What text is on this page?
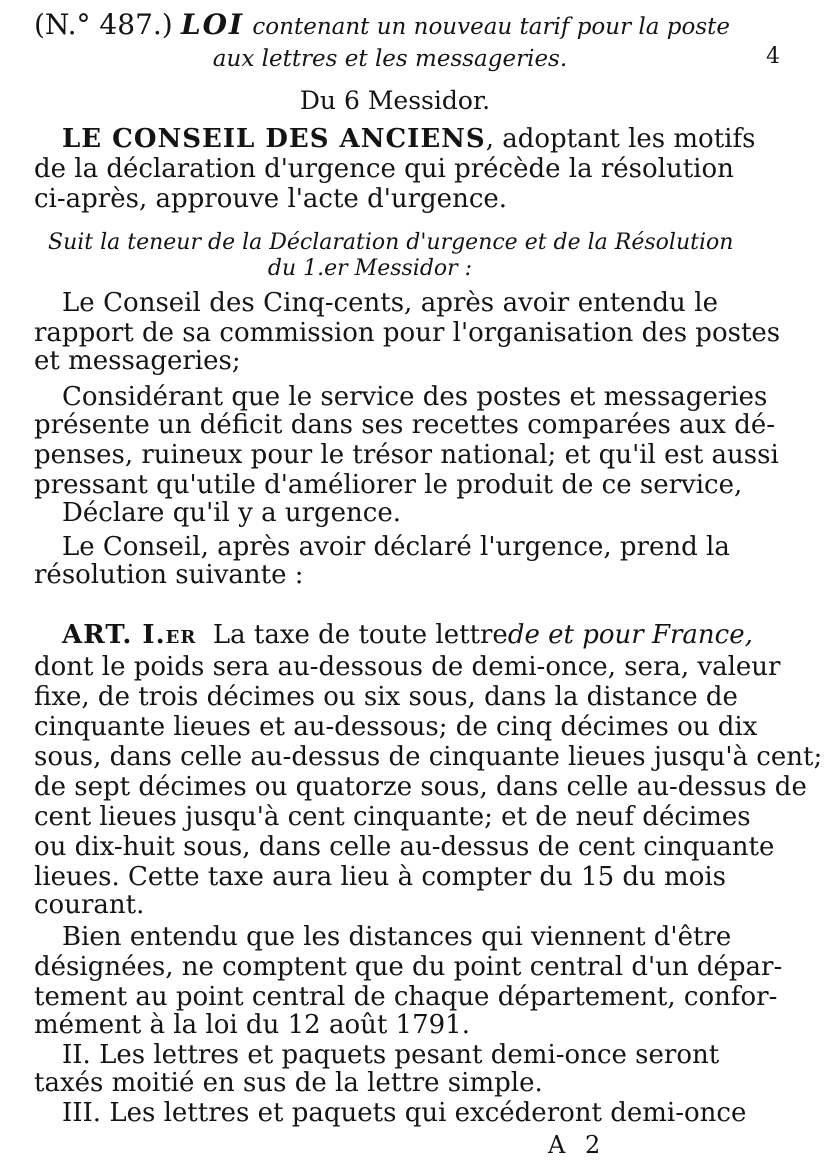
(N.° 487.) LOI contenant un nouveau tarif pour la poste
aux lettres et les messageries.	4
Du 6 Messidor.
LE CONSEIL DES ANCIENS, adoptant les motifs
de la déclaration d'urgence qui précède la résolution
ci-après, approuve l'acte d'urgence.
Suit la teneur de la Déclaration d'urgence et de la Résolution
du 1.er Messidor :
Le Conseil des Cinq-cents, après avoir entendu le
rapport de sa commission pour l'organisation des postes
et messageries;
Considérant que le service des postes et messageries
présente un déficit dans ses recettes comparées aux dé-
penses, ruineux pour le trésor national; et qu'il est aussi
pressant qu'utile d'améliorer le produit de ce service,
Déclare qu'il y a urgence.
Le Conseil, après avoir déclaré l'urgence, prend la
résolution suivante :
ART. I.er La taxe de toute lettre de et pour France,
dont le poids sera au-dessous de demi-once, sera, valeur
fixe, de trois décimes ou six sous, dans la distance de
cinquante lieues et au-dessous; de cinq décimes ou dix
sous, dans celle au-dessus de cinquante lieues jusqu'à cent;
de sept décimes ou quatorze sous, dans celle au-dessus de
cent lieues jusqu'à cent cinquante; et de neuf décimes
ou dix-huit sous, dans celle au-dessus de cent cinquante
lieues. Cette taxe aura lieu à compter du 15 du mois
courant.
Bien entendu que les distances qui viennent d'être
désignées, ne comptent que du point central d'un dépar-
tement au point central de chaque département, confor-
mément à la loi du 12 août 1791.
II. Les lettres et paquets pesant demi-once seront
taxés moitié en sus de la lettre simple.
III. Les lettres et paquets qui excéderont demi-once
A 2
